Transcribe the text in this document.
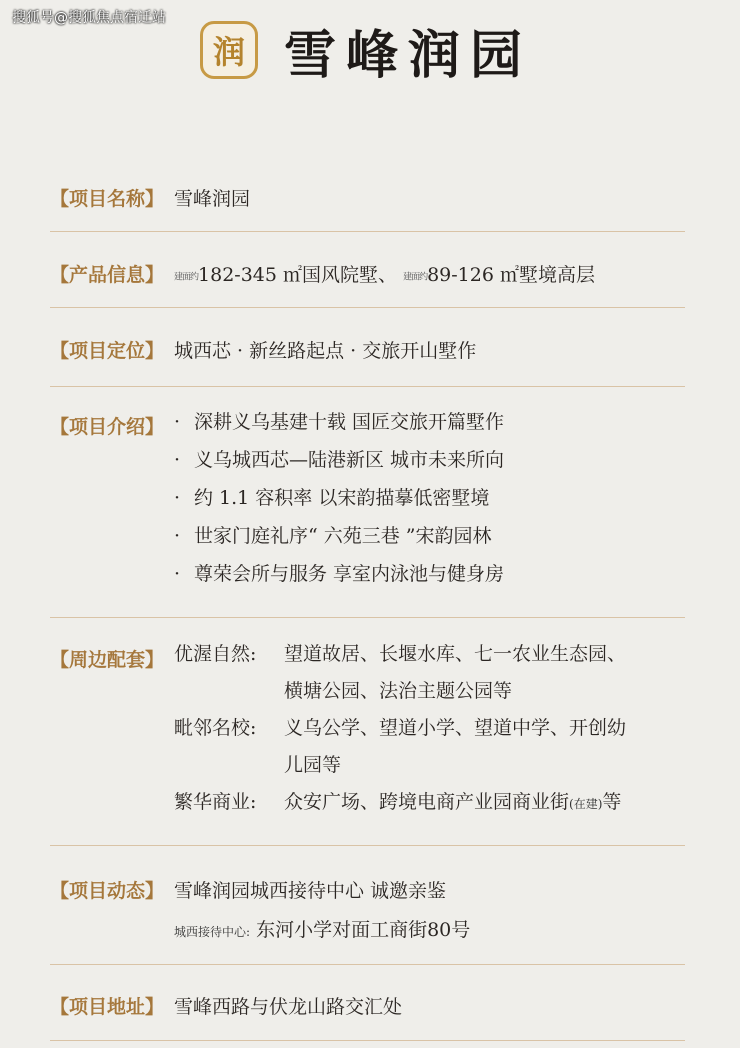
搜狐号@搜狐焦点宿迁站
润 雪峰润园
【项目名称】 雪峰润园
【产品信息】 建面约182-345 ㎡国风院墅、 建面约89-126 ㎡墅境高层
【项目定位】 城西芯 · 新丝路起点 · 交旅开山墅作
【项目介绍】 · 深耕义乌基建十载 国匠交旅开篇墅作
· 义乌城西芯—陆港新区 城市未来所向
· 约 1.1 容积率 以宋韵描摹低密墅境
· 世家门庭礼序“ 六苑三巷 ”宋韵园林
· 尊荣会所与服务 享室内泳池与健身房
【周边配套】 优渥自然: 望道故居、长堰水库、七一农业生态园、
横塘公园、法治主题公园等
毗邻名校: 义乌公学、望道小学、望道中学、开创幼
儿园等
繁华商业: 众安广场、跨境电商产业园商业街(在建)等
【项目动态】 雪峰润园城西接待中心 诚邀亲鉴
城西接待中心: 东河小学对面工商街80号
【项目地址】 雪峰西路与伏龙山路交汇处
